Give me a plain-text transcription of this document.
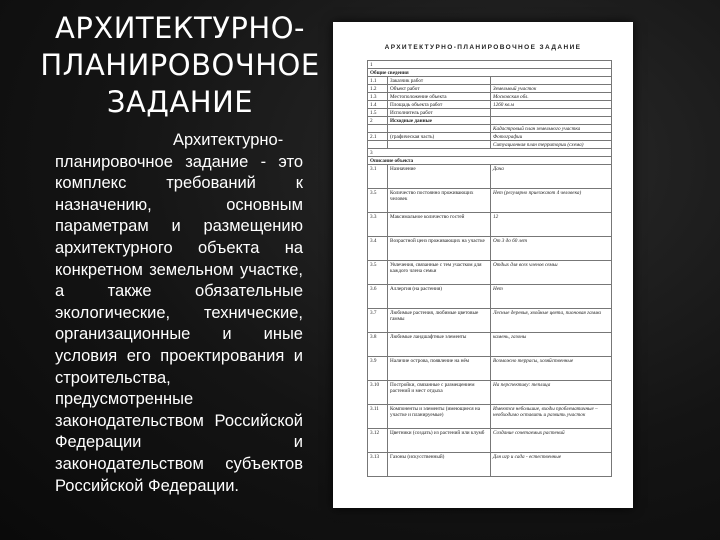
АРХИТЕКТУРНО-ПЛАНИРОВОЧНОЕ ЗАДАНИЕ
Архитектурно-планировочное задание - это комплекс требований к назначению, основным параметрам и размещению архитектурного объекта на конкретном земельном участке, а также обязательные экологические, технические, организационные и иные условия его проектирования и строительства, предусмотренные законодательством Российской Федерации и законодательством субъектов Российской Федерации.
АРХИТЕКТУРНО-ПЛАНИРОВОЧНОЕ ЗАДАНИЕ
1		
Общие сведения		
1.1	Заказчик работ	
1.2	Объект работ	Земельный участок
1.3	Местоположение объекта	Московская обл.
1.4	Площадь объекта работ	1260 кв.м
1.5	Исполнитель работ	
2	Исходные данные	
		Кадастровый план земельного участка
2.1	(графическая часть)	Фотографии
		Ситуационная план территории (схема)
3		
Описание объекта		
3.1	Назначение	Дача
3.5	Количество постоянно проживающих человек	Нет (регулярно приезжают 4 человека)
3.3	Максимальное количество гостей	12
3.4	Возрастной ценз проживающих на участке	От 3 до 60 лет
3.5	Увлечения, связанные с тем участком для каждого члена семьи	Отдых для всех членов семьи
3.6	Аллергия (на растения)	Нет
3.7	Любимые растения, любимые цветовые гаммы	Лесные деревья, хвойные цвета, пионовая гамма
3.8	Любимые ландшафтные элементы	камень, газоны
3.9	Наличие острова, появление на нём	Возможно террасы, хозяйственные
3.10	Постройки, связанные с размещением растений и мест отдыха	На перспективу: теплица
3.11	Компоненты и элементы (имеющиеся на участке и планируемые)	Имеются небольшие, входы проблематичные – необходимо оставить и развить участок
3.12	Цветники (создать) из растений или клумб	Создание сочетаемых растений
3.13	Газоны (искусственный)	Для игр и сада - естественные
